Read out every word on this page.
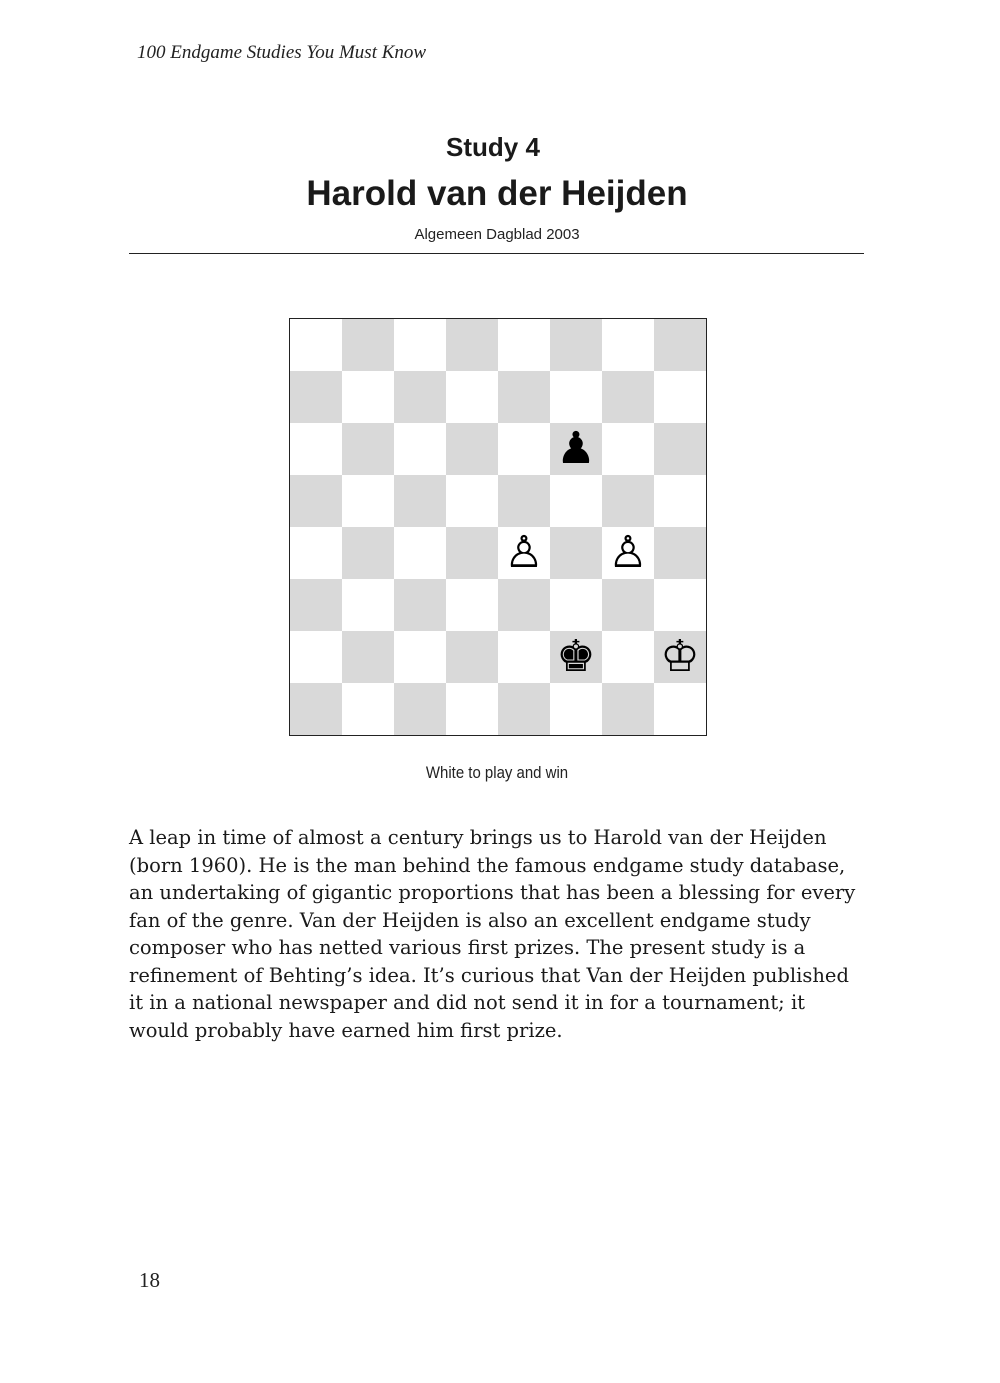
100 Endgame Studies You Must Know
Study 4
Harold van der Heijden
Algemeen Dagblad 2003
♟
♙ ♙
♚ ♔
White to play and win

A leap in time of almost a century brings us to Harold van der Heijden (born 1960). He is the man behind the famous endgame study database, an undertaking of gigantic proportions that has been a blessing for every fan of the genre. Van der Heijden is also an excellent endgame study composer who has netted various first prizes. The present study is a refinement of Behting’s idea. It’s curious that Van der Heijden published it in a national newspaper and did not send it in for a tournament; it would probably have earned him first prize.

18
